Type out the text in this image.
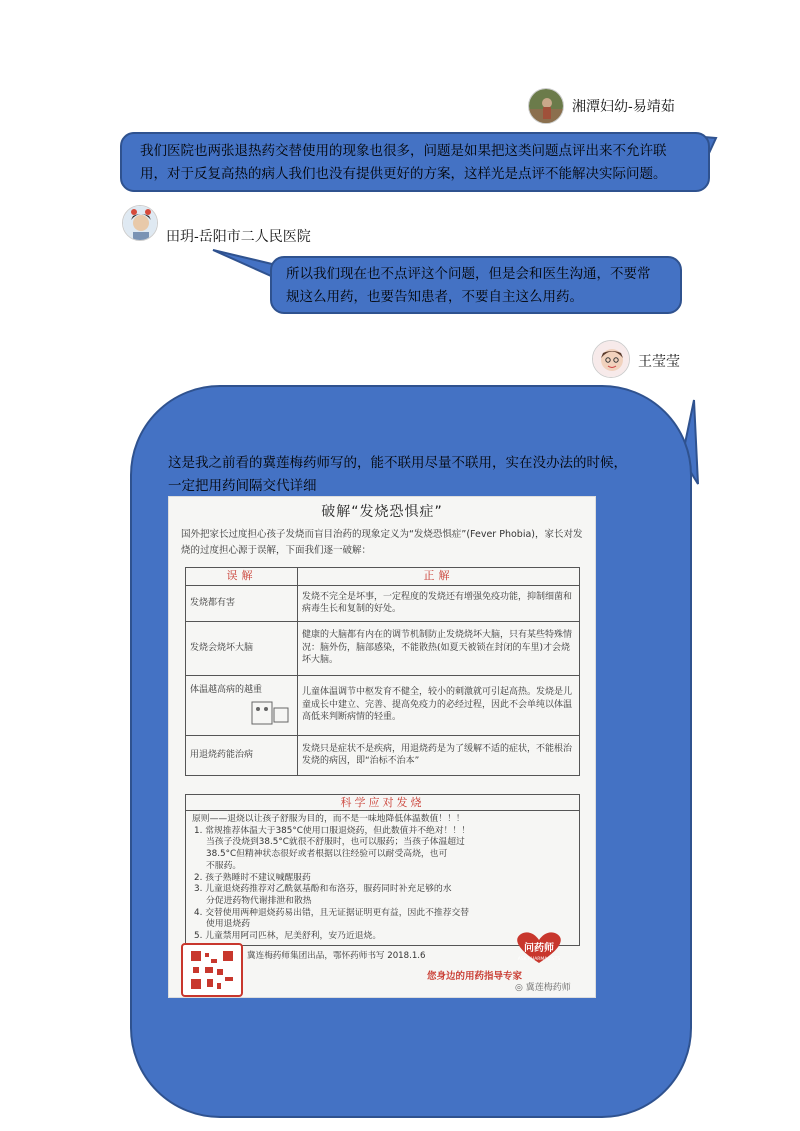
湘潭妇幼-易靖茹
我们医院也两张退热药交替使用的现象也很多，问题是如果把这类问题点评出来不允许联
用，对于反复高热的病人我们也没有提供更好的方案，这样光是点评不能解决实际问题。
田玥-岳阳市二人民医院
所以我们现在也不点评这个问题，但是会和医生沟通，不要常
规这么用药，也要告知患者，不要自主这么用药。
王莹莹
这是我之前看的冀莲梅药师写的，能不联用尽量不联用，实在没办法的时候，
一定把用药间隔交代详细
破解“发烧恐惧症”
国外把家长过度担心孩子发烧而盲目治药的现象定义为“发烧恐惧症”(Fever Phobia)，家长对发烧的过度担心源于误解，下面我们逐一破解：
误解	正解
发烧都有害	发烧不完全是坏事，一定程度的发烧还有增强免疫功能，抑制细菌和病毒生长和复制的好处。
发烧会烧坏大脑	健康的大脑都有内在的调节机制防止发烧烧坏大脑，只有某些特殊情况：脑外伤，脑部感染，不能散热(如夏天被锁在封闭的车里)才会烧坏大脑。

体温越高病的越重	儿童体温调节中枢发育不健全，较小的刺激就可引起高热。发烧是儿童成长中建立、完善、提高免疫力的必经过程，因此不会单纯以体温高低来判断病情的轻重。
用退烧药能治病	发烧只是症状不是疾病，用退烧药是为了缓解不适的症状，不能根治发烧的病因，即“治标不治本”
科学应对发烧
原则——退烧以让孩子舒服为目的，而不是一味地降低体温数值！！！
1. 常规推荐体温大于385°C使用口服退烧药，但此数值并不绝对！！！
当孩子没烧到38.5°C就很不舒服时，也可以服药；当孩子体温超过
38.5°C但精神状态很好或者根据以往经验可以耐受高烧，也可
不服药。
2. 孩子熟睡时不建议喊醒服药
3. 儿童退烧药推荐对乙酰氨基酚和布洛芬，服药同时补充足够的水
分促进药物代谢排泄和散热
4. 交替使用两种退烧药易出错，且无证据证明更有益，因此不推荐交替
使用退烧药
5. 儿童禁用阿司匹林，尼美舒利，安乃近退烧。
冀连梅药师集团出品，鄂怀药师书写 2018.1.6
问药师
ASK PHARMACISTS
您身边的用药指导专家
◎ 冀莲梅药师
